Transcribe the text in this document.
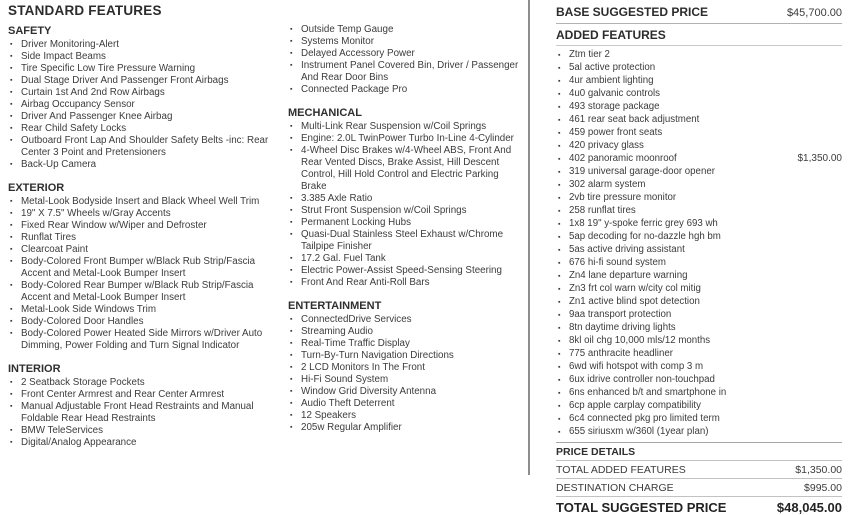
STANDARD FEATURES
SAFETY
▪ Driver Monitoring-Alert
▪ Side Impact Beams
▪ Tire Specific Low Tire Pressure Warning
▪ Dual Stage Driver And Passenger Front Airbags
▪ Curtain 1st And 2nd Row Airbags
▪ Airbag Occupancy Sensor
▪ Driver And Passenger Knee Airbag
▪ Rear Child Safety Locks
▪ Outboard Front Lap And Shoulder Safety Belts -inc: Rear Center 3 Point and Pretensioners
▪ Back-Up Camera
EXTERIOR
▪ Metal-Look Bodyside Insert and Black Wheel Well Trim
▪ 19" X 7.5" Wheels w/Gray Accents
▪ Fixed Rear Window w/Wiper and Defroster
▪ Runflat Tires
▪ Clearcoat Paint
▪ Body-Colored Front Bumper w/Black Rub Strip/Fascia Accent and Metal-Look Bumper Insert
▪ Body-Colored Rear Bumper w/Black Rub Strip/Fascia Accent and Metal-Look Bumper Insert
▪ Metal-Look Side Windows Trim
▪ Body-Colored Door Handles
▪ Body-Colored Power Heated Side Mirrors w/Driver Auto Dimming, Power Folding and Turn Signal Indicator
INTERIOR
▪ 2 Seatback Storage Pockets
▪ Front Center Armrest and Rear Center Armrest
▪ Manual Adjustable Front Head Restraints and Manual Foldable Rear Head Restraints
▪ BMW TeleServices
▪ Digital/Analog Appearance
▪ Outside Temp Gauge
▪ Systems Monitor
▪ Delayed Accessory Power
▪ Instrument Panel Covered Bin, Driver / Passenger And Rear Door Bins
▪ Connected Package Pro
MECHANICAL
▪ Multi-Link Rear Suspension w/Coil Springs
▪ Engine: 2.0L TwinPower Turbo In-Line 4-Cylinder
▪ 4-Wheel Disc Brakes w/4-Wheel ABS, Front And Rear Vented Discs, Brake Assist, Hill Descent Control, Hill Hold Control and Electric Parking Brake
▪ 3.385 Axle Ratio
▪ Strut Front Suspension w/Coil Springs
▪ Permanent Locking Hubs
▪ Quasi-Dual Stainless Steel Exhaust w/Chrome Tailpipe Finisher
▪ 17.2 Gal. Fuel Tank
▪ Electric Power-Assist Speed-Sensing Steering
▪ Front And Rear Anti-Roll Bars
ENTERTAINMENT
▪ ConnectedDrive Services
▪ Streaming Audio
▪ Real-Time Traffic Display
▪ Turn-By-Turn Navigation Directions
▪ 2 LCD Monitors In The Front
▪ Hi-Fi Sound System
▪ Window Grid Diversity Antenna
▪ Audio Theft Deterrent
▪ 12 Speakers
▪ 205w Regular Amplifier
BASE SUGGESTED PRICE	$45,700.00
ADDED FEATURES
▪ Ztm tier 2
▪ 5al active protection
▪ 4ur ambient lighting
▪ 4u0 galvanic controls
▪ 493 storage package
▪ 461 rear seat back adjustment
▪ 459 power front seats
▪ 420 privacy glass
▪ 402 panoramic moonroof	$1,350.00
▪ 319 universal garage-door opener
▪ 302 alarm system
▪ 2vb tire pressure monitor
▪ 258 runflat tires
▪ 1x8 19" y-spoke ferric grey 693 wh
▪ 5ap decoding for no-dazzle hgh bm
▪ 5as active driving assistant
▪ 676 hi-fi sound system
▪ Zn4 lane departure warning
▪ Zn3 frt col warn w/city col mitig
▪ Zn1 active blind spot detection
▪ 9aa transport protection
▪ 8tn daytime driving lights
▪ 8kl oil chg 10,000 mls/12 months
▪ 775 anthracite headliner
▪ 6wd wifi hotspot with comp 3 m
▪ 6ux idrive controller non-touchpad
▪ 6ns enhanced b/t and smartphone in
▪ 6cp apple carplay compatibility
▪ 6c4 connected pkg pro limited term
▪ 655 siriusxm w/360l (1year plan)
PRICE DETAILS
TOTAL ADDED FEATURES	$1,350.00
DESTINATION CHARGE	$995.00
TOTAL SUGGESTED PRICE	$48,045.00
